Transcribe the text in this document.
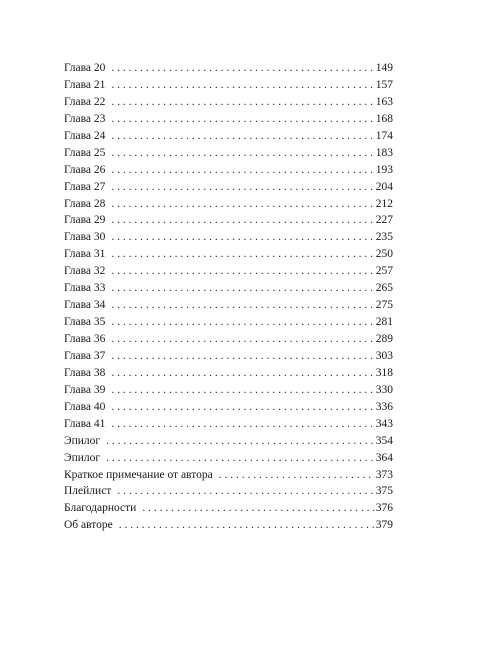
Глава 20 . . .	149
Глава 21 . . .	157
Глава 22 . . .	163
Глава 23 . . .	168
Глава 24 . . .	174
Глава 25 . . .	183
Глава 26 . . .	193
Глава 27 . . .	204
Глава 28 . . .	212
Глава 29 . . .	227
Глава 30 . . .	235
Глава 31 . . .	250
Глава 32 . . .	257
Глава 33 . . .	265
Глава 34 . . .	275
Глава 35 . . .	281
Глава 36 . . .	289
Глава 37 . . .	303
Глава 38 . . .	318
Глава 39 . . .	330
Глава 40 . . .	336
Глава 41 . . .	343
Эпилог . . .	354
Эпилог . . .	364
Краткое примечание от автора . . .	373
Плейлист . . .	375
Благодарности . . .	376
Об авторе . . .	379
